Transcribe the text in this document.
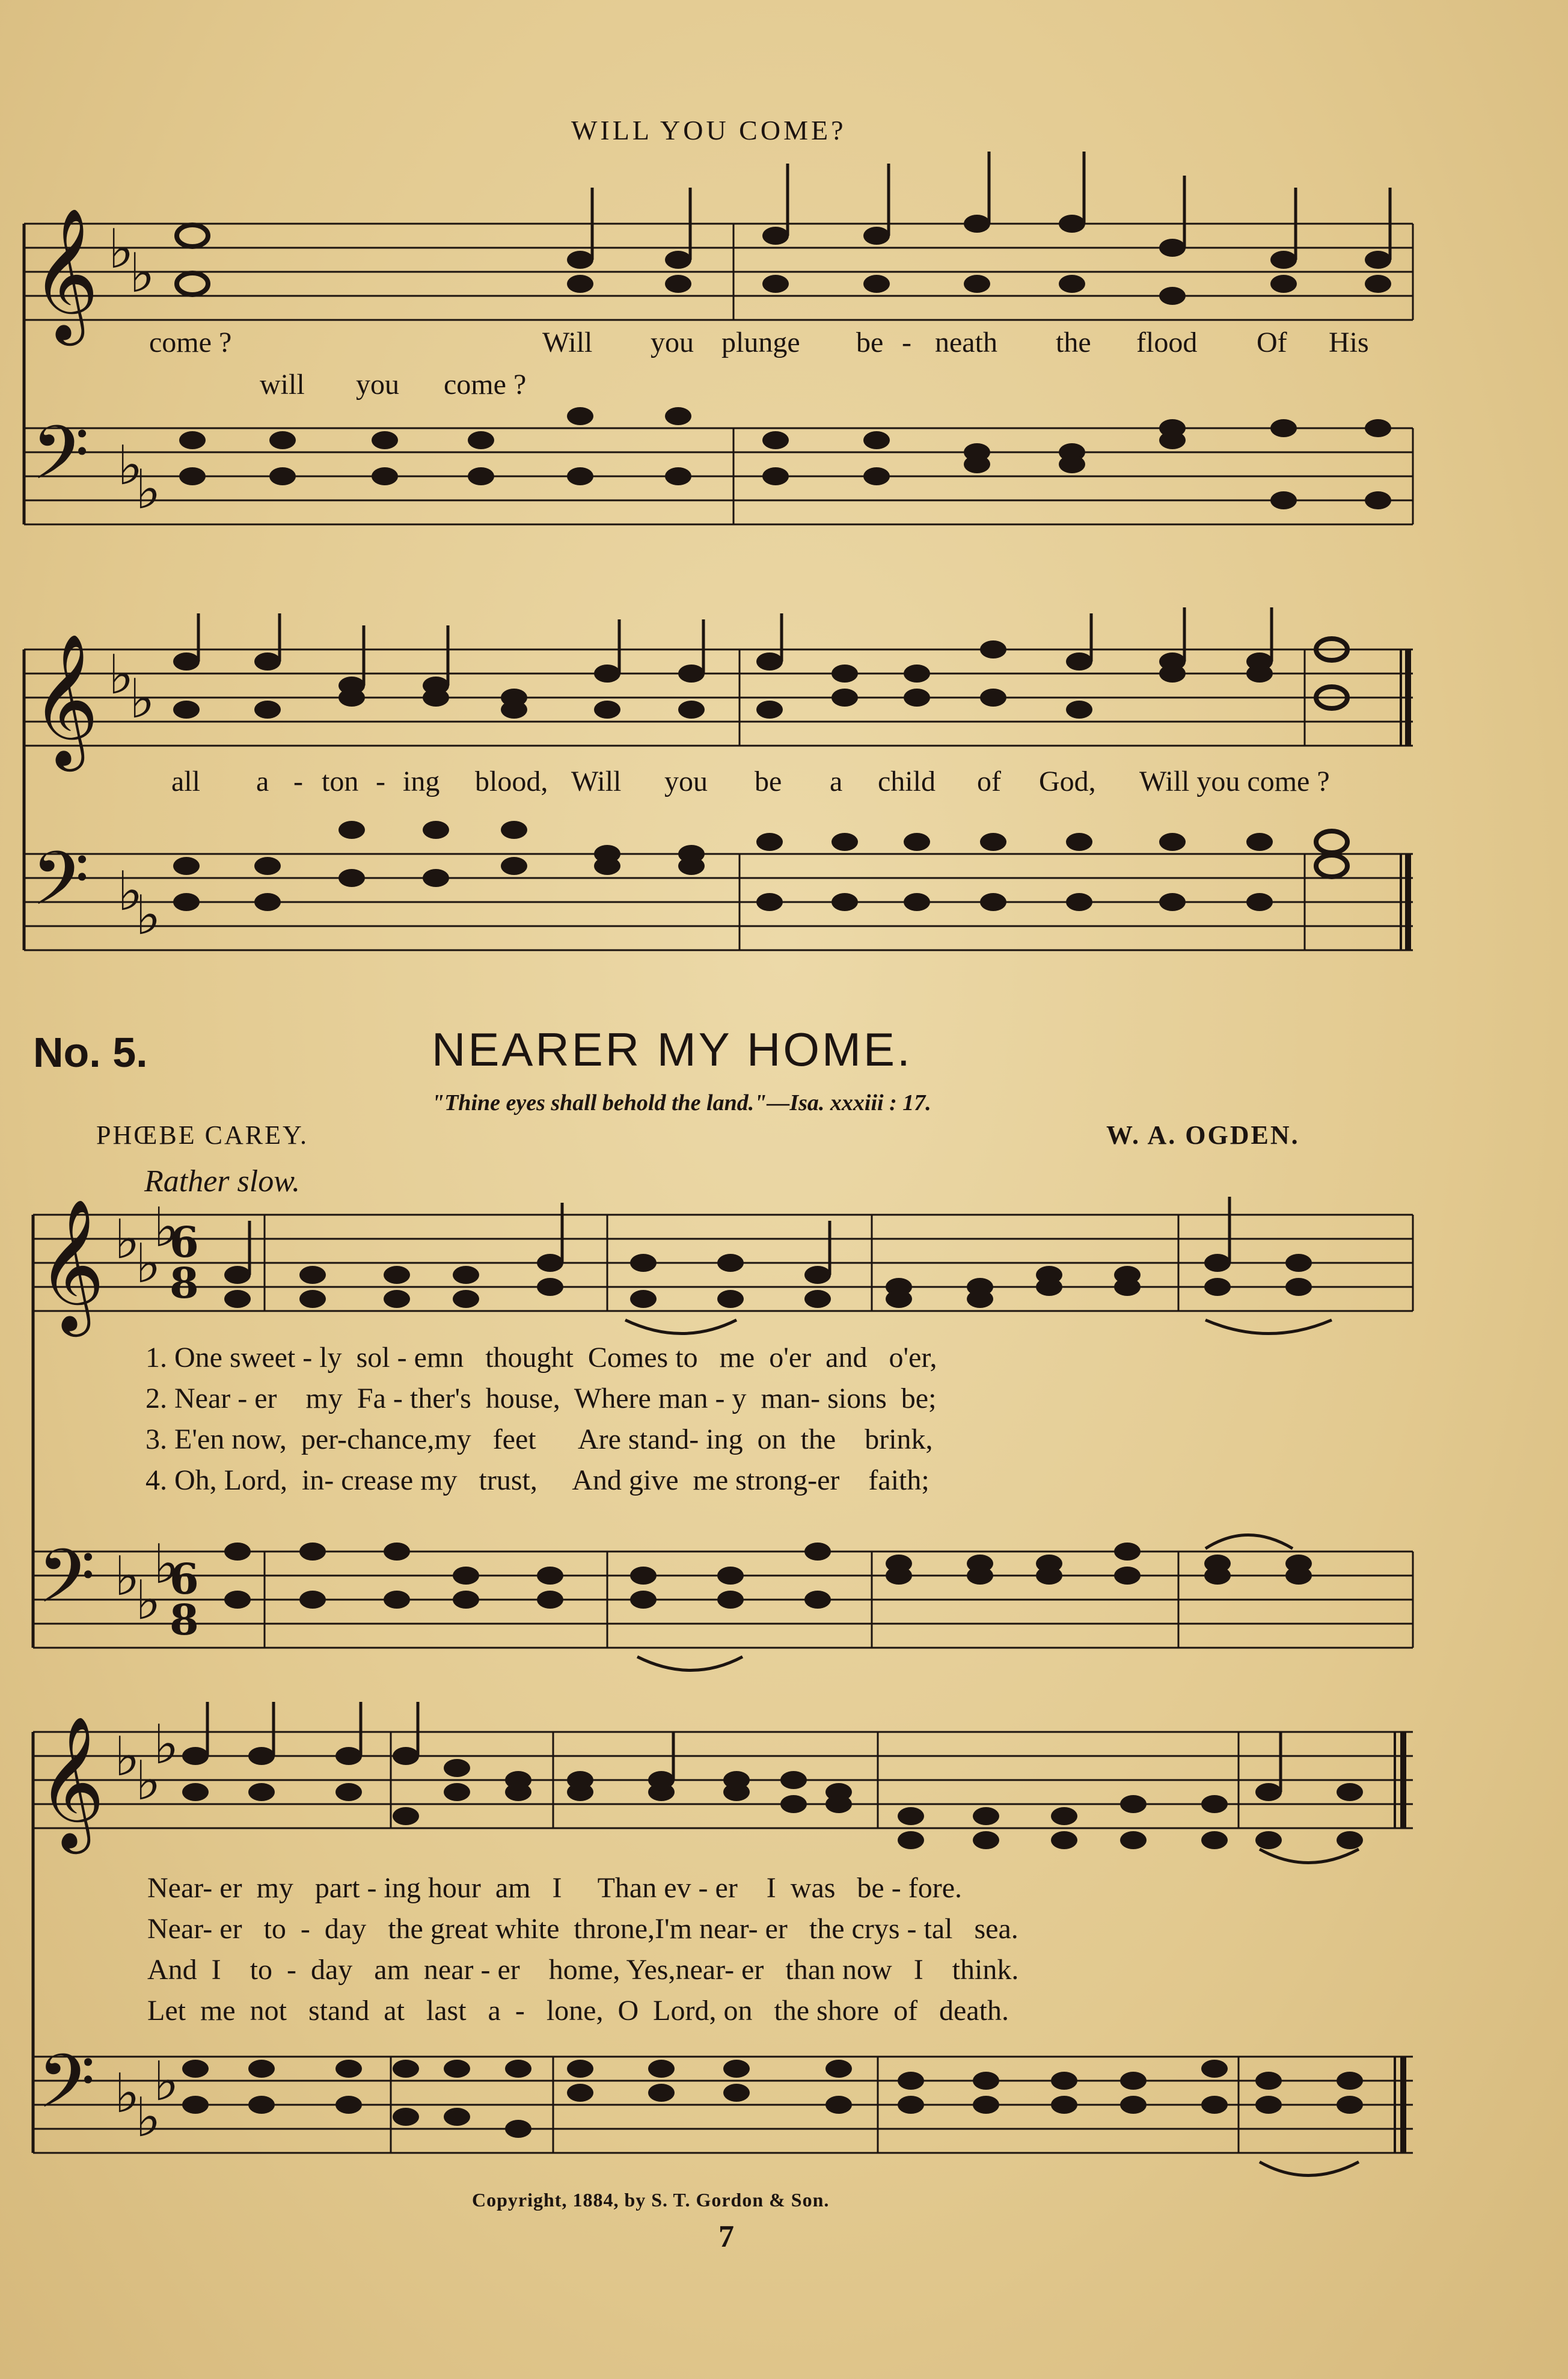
WILL YOU COME?
𝄞
𝄢
𝄞
𝄢
𝄞
𝄢
𝄞
𝄢
♭
♭
♭
♭
♭
♭
♭
♭
♭
♭
♭
♭
♭
♭
♭
♭
♭
♭
♭
♭
6
8
6
8
come ?	Will you plunge be - neath the flood Of His
will you come ?
all a - ton - ing blood, Will you be a child of God, Will you come ?
No. 5.	NEARER MY HOME.
"Thine eyes shall behold the land."—Isa. xxxiii : 17.
PHŒBE CAREY.	W. A. OGDEN.
Rather slow.
1. One sweet - ly  sol - emn   thought  Comes to   me  o'er  and   o'er,
2. Near - er    my  Fa - ther's  house,  Where man - y  man- sions  be;
3. E'en now,  per-chance,my   feet      Are stand- ing  on  the    brink,
4. Oh, Lord,  in- crease my   trust,     And give  me strong-er    faith;
Near- er  my   part - ing hour  am   I     Than ev - er    I  was   be - fore.
Near- er   to  -  day   the great white  throne,I'm near- er   the crys - tal   sea.
And  I    to  -  day   am  near - er    home, Yes,near- er   than now   I    think.
Let  me  not   stand  at   last   a  -   lone,  O  Lord, on   the shore  of   death.
Copyright, 1884, by S. T. Gordon & Son.
7
